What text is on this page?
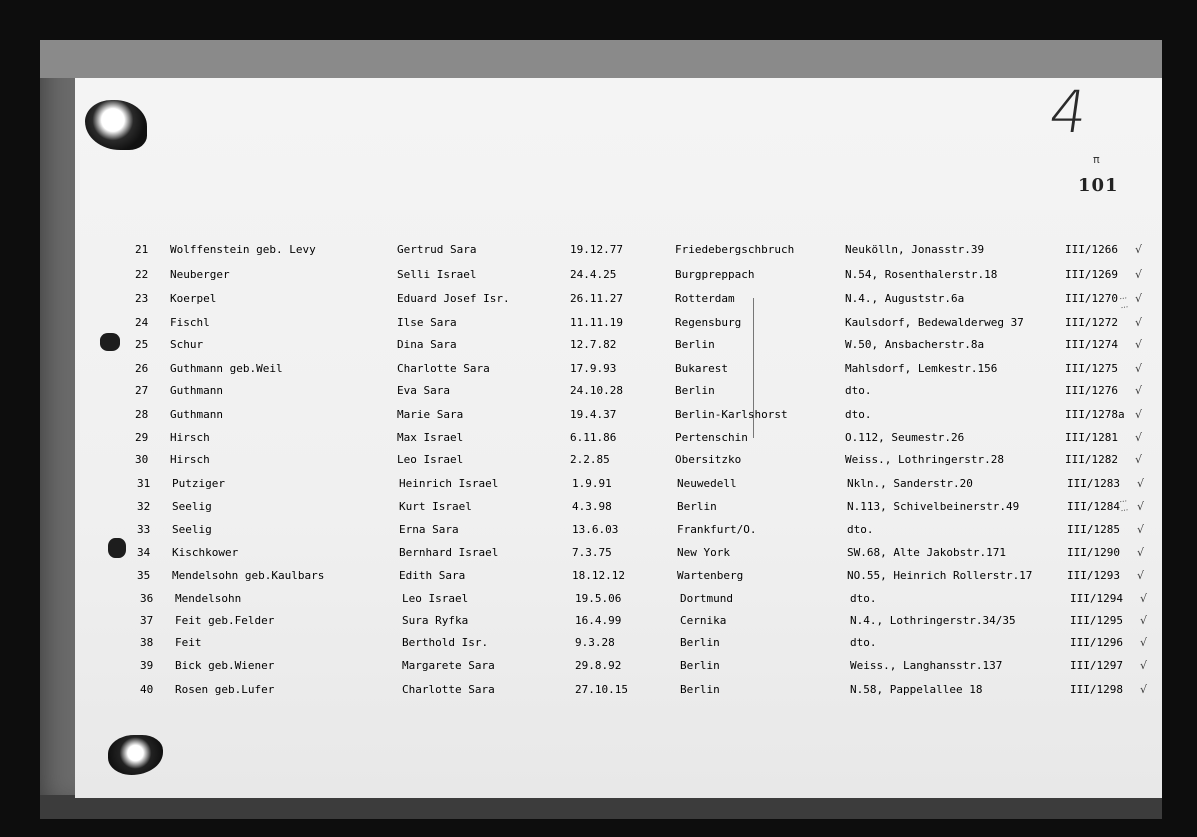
4
π
101
21	Wolffenstein geb. Levy	Gertrud Sara	19.12.77	Friedebergschbruch	Neukölln, Jonasstr.39	III/1266 √
22	Neuberger	Selli Israel	24.4.25	Burgpreppach	N.54, Rosenthalerstr.18	III/1269 √
23	Koerpel	Eduard Josef Isr.	26.11.27	Rotterdam	N.4., Auguststr.6a	III/1270 √
24	Fischl	Ilse Sara	11.11.19	Regensburg	Kaulsdorf, Bedewalderweg 37	III/1272 √
25	Schur	Dina Sara	12.7.82	Berlin	W.50, Ansbacherstr.8a	III/1274 √
26	Guthmann geb.Weil	Charlotte Sara	17.9.93	Bukarest	Mahlsdorf, Lemkestr.156	III/1275 √
27	Guthmann	Eva Sara	24.10.28	Berlin	dto.	III/1276 √
28	Guthmann	Marie Sara	19.4.37	Berlin-Karlshorst	dto.	III/1278a √
29	Hirsch	Max Israel	6.11.86	Pertenschin	O.112, Seumestr.26	III/1281 √
30	Hirsch	Leo Israel	2.2.85	Obersitzko	Weiss., Lothringerstr.28	III/1282 √
31	Putziger	Heinrich Israel	1.9.91	Neuwedell	Nkln., Sanderstr.20	III/1283 √
32	Seelig	Kurt Israel	4.3.98	Berlin	N.113, Schivelbeinerstr.49	III/1284 √
33	Seelig	Erna Sara	13.6.03	Frankfurt/O.	dto.	III/1285 √
34	Kischkower	Bernhard Israel	7.3.75	New York	SW.68, Alte Jakobstr.171	III/1290 √
35	Mendelsohn geb.Kaulbars	Edith Sara	18.12.12	Wartenberg	NO.55, Heinrich Rollerstr.17	III/1293 √
36	Mendelsohn	Leo Israel	19.5.06	Dortmund	dto.	III/1294 √
37	Feit geb.Felder	Sura Ryfka	16.4.99	Cernika	N.4., Lothringerstr.34/35	III/1295 √
38	Feit	Berthold Isr.	9.3.28	Berlin	dto.	III/1296 √
39	Bick geb.Wiener	Margarete Sara	29.8.92	Berlin	Weiss., Langhansstr.137	III/1297 √
40	Rosen geb.Lufer	Charlotte Sara	27.10.15	Berlin	N.58, Pappelallee 18	III/1298 √
···
···
···
···
